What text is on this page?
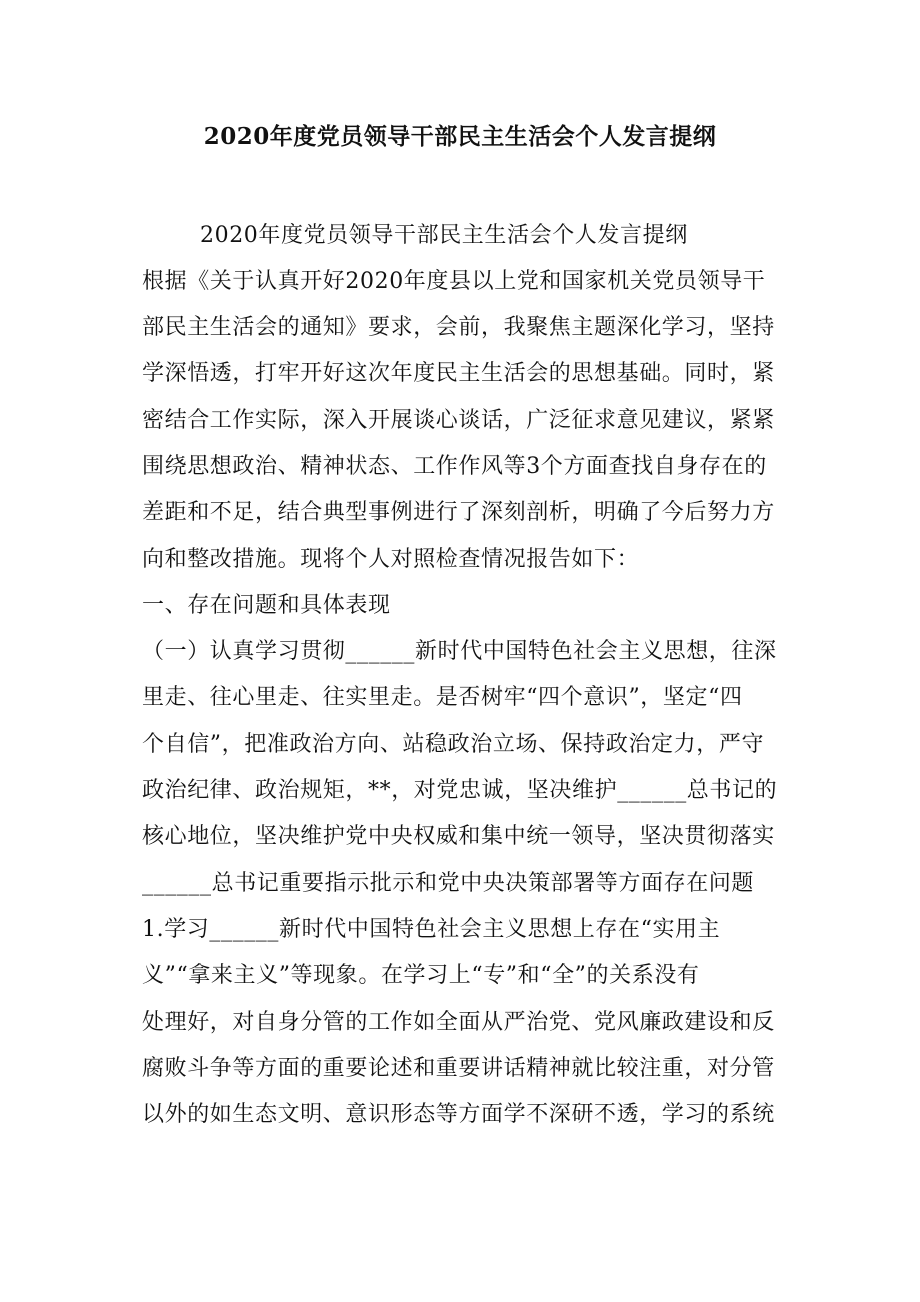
2020年度党员领导干部民主生活会个人发言提纲

2020年度党员领导干部民主生活会个人发言提纲

根据《关于认真开好2020年度县以上党和国家机关党员领导干

部民主生活会的通知》要求，会前，我聚焦主题深化学习，坚持

学深悟透，打牢开好这次年度民主生活会的思想基础。同时，紧

密结合工作实际，深入开展谈心谈话，广泛征求意见建议，紧紧

围绕思想政治、精神状态、工作作风等3个方面查找自身存在的

差距和不足，结合典型事例进行了深刻剖析，明确了今后努力方

向和整改措施。现将个人对照检查情况报告如下：

一、存在问题和具体表现

（一）认真学习贯彻______新时代中国特色社会主义思想，往深

里走、往心里走、往实里走。是否树牢“四个意识”，坚定“四

个自信”，把准政治方向、站稳政治立场、保持政治定力，严守

政治纪律、政治规矩，**，对党忠诚，坚决维护______总书记的

核心地位，坚决维护党中央权威和集中统一领导，坚决贯彻落实

______总书记重要指示批示和党中央决策部署等方面存在问题

1.学习______新时代中国特色社会主义思想上存在“实用主

义”“拿来主义”等现象。在学习上“专”和“全”的关系没有

处理好，对自身分管的工作如全面从严治党、党风廉政建设和反

腐败斗争等方面的重要论述和重要讲话精神就比较注重，对分管

以外的如生态文明、意识形态等方面学不深研不透，学习的系统
